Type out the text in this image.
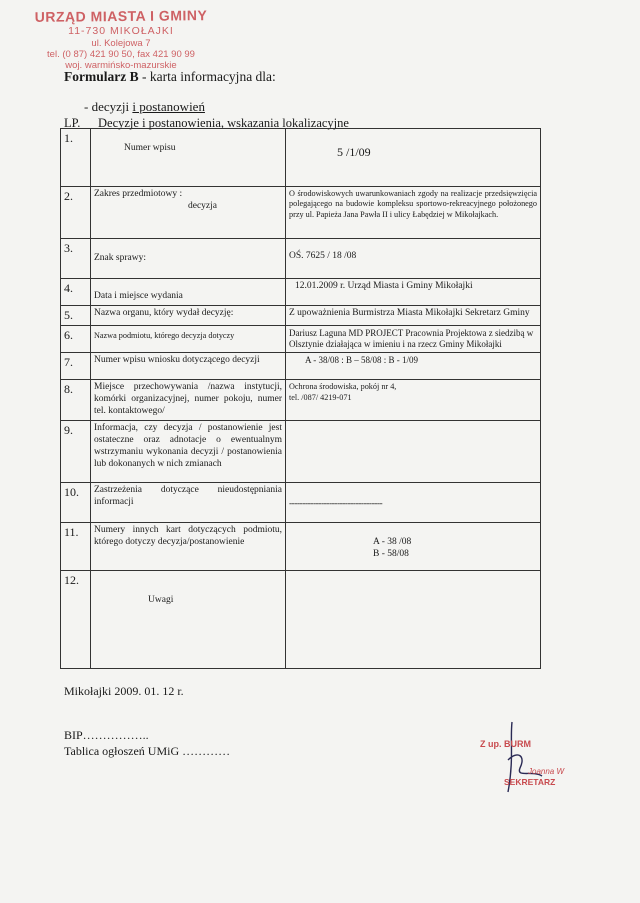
URZĄD MIASTA I GMINY
11-730 MIKOŁAJKI
ul. Kolejowa 7
tel. (0 87) 421 90 50, fax 421 90 99
woj. warmińsko-mazurskie
Formularz B - karta informacyjna dla:
- decyzji i postanowień
LP. Decyzje i postanowienia, wskazania lokalizacyjne
1.	Numer wpisu	5 /1/09

2.	Zakres przedmiotowy :
decyzja	O środowiskowych uwarunkowaniach zgody na realizacje przedsięwzięcia polegającego na budowie kompleksu sportowo-rekreacyjnego położonego przy ul. Papieża Jana Pawła II i ulicy Łabędziej w Mikołajkach.
3.	Znak sprawy:	OŚ. 7625 / 18 /08

4.	Data i miejsce wydania	12.01.2009 r. Urząd Miasta i Gminy Mikołajki

5.	Nazwa organu, który wydał decyzję:	Z upoważnienia Burmistrza Miasta Mikołajki Sekretarz Gminy
6.	Nazwa podmiotu, którego decyzja dotyczy	Dariusz Laguna MD PROJECT Pracownia Projektowa z siedzibą w Olsztynie działająca w imieniu i na rzecz Gminy Mikołajki

7.	Numer wpisu wniosku dotyczącego decyzji	A - 38/08 : B – 58/08 : B - 1/09

8.	Miejsce przechowywania /nazwa instytucji, komórki organizacyjnej, numer pokoju, numer tel. kontaktowego/	Ochrona środowiska, pokój nr 4,
tel. /087/ 4219-071

9.	Informacja, czy decyzja / postanowienie jest ostateczne oraz adnotacje o ewentualnym wstrzymaniu wykonania decyzji / postanowienia lub dokonanych w nich zmianach	
10.	Zastrzeżenia dotyczące nieudostępniania informacji	-----------------------------------

11.	Numery innych kart dotyczących podmiotu, którego dotyczy decyzja/postanowienie	A - 38 /08
B - 58/08

12.	Uwagi	

Mikołajki 2009. 01. 12 r.
BIP……………..
Tablica ogłoszeń UMiG …………	Z up. BURM
Joanna W
SEKRETARZ
